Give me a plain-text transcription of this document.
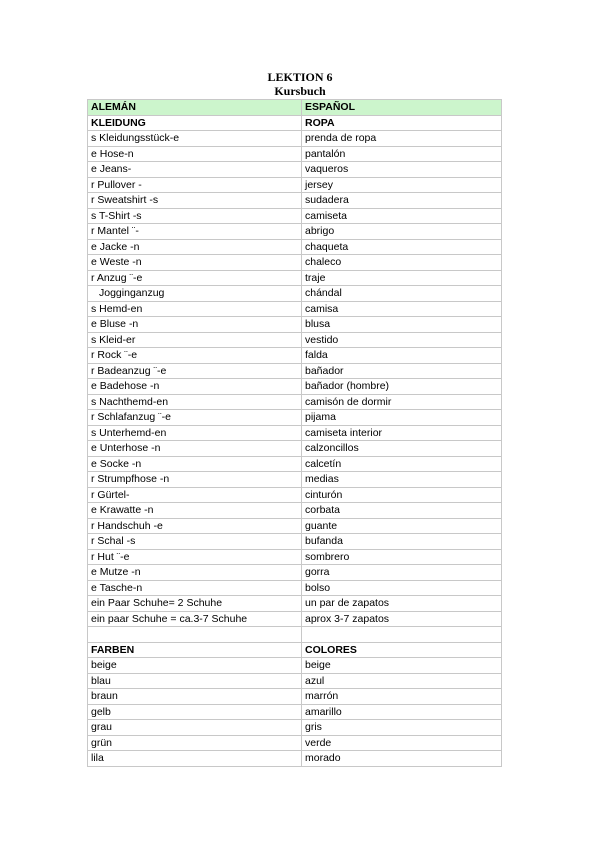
LEKTION 6
Kursbuch
ALEMÁN	ESPAÑOL
KLEIDUNG	ROPA
s Kleidungsstück-e	prenda de ropa
e Hose-n	pantalón
e Jeans-	vaqueros
r Pullover -	jersey
r Sweatshirt -s	sudadera
s T-Shirt -s	camiseta
r Mantel ¨-	abrigo
e Jacke -n	chaqueta
e Weste -n	chaleco
r Anzug ¨-e	traje
Jogginganzug	chándal
s Hemd-en	camisa
e Bluse -n	blusa
s Kleid-er	vestido
r Rock ¨-e	falda
r Badeanzug ¨-e	bañador
e Badehose -n	bañador (hombre)
s Nachthemd-en	camisón de dormir
r Schlafanzug ¨-e	pijama
s Unterhemd-en	camiseta interior
e Unterhose -n	calzoncillos
e Socke -n	calcetín
r Strumpfhose -n	medias
r Gürtel-	cinturón
e Krawatte -n	corbata
r Handschuh -e	guante
r Schal -s	bufanda
r Hut ¨-e	sombrero
e Mutze -n	gorra
e Tasche-n	bolso
ein Paar Schuhe= 2 Schuhe	un par de zapatos
ein paar Schuhe = ca.3-7 Schuhe	aprox 3-7 zapatos

FARBEN	COLORES
beige	beige
blau	azul
braun	marrón
gelb	amarillo
grau	gris
grün	verde
lila	morado
